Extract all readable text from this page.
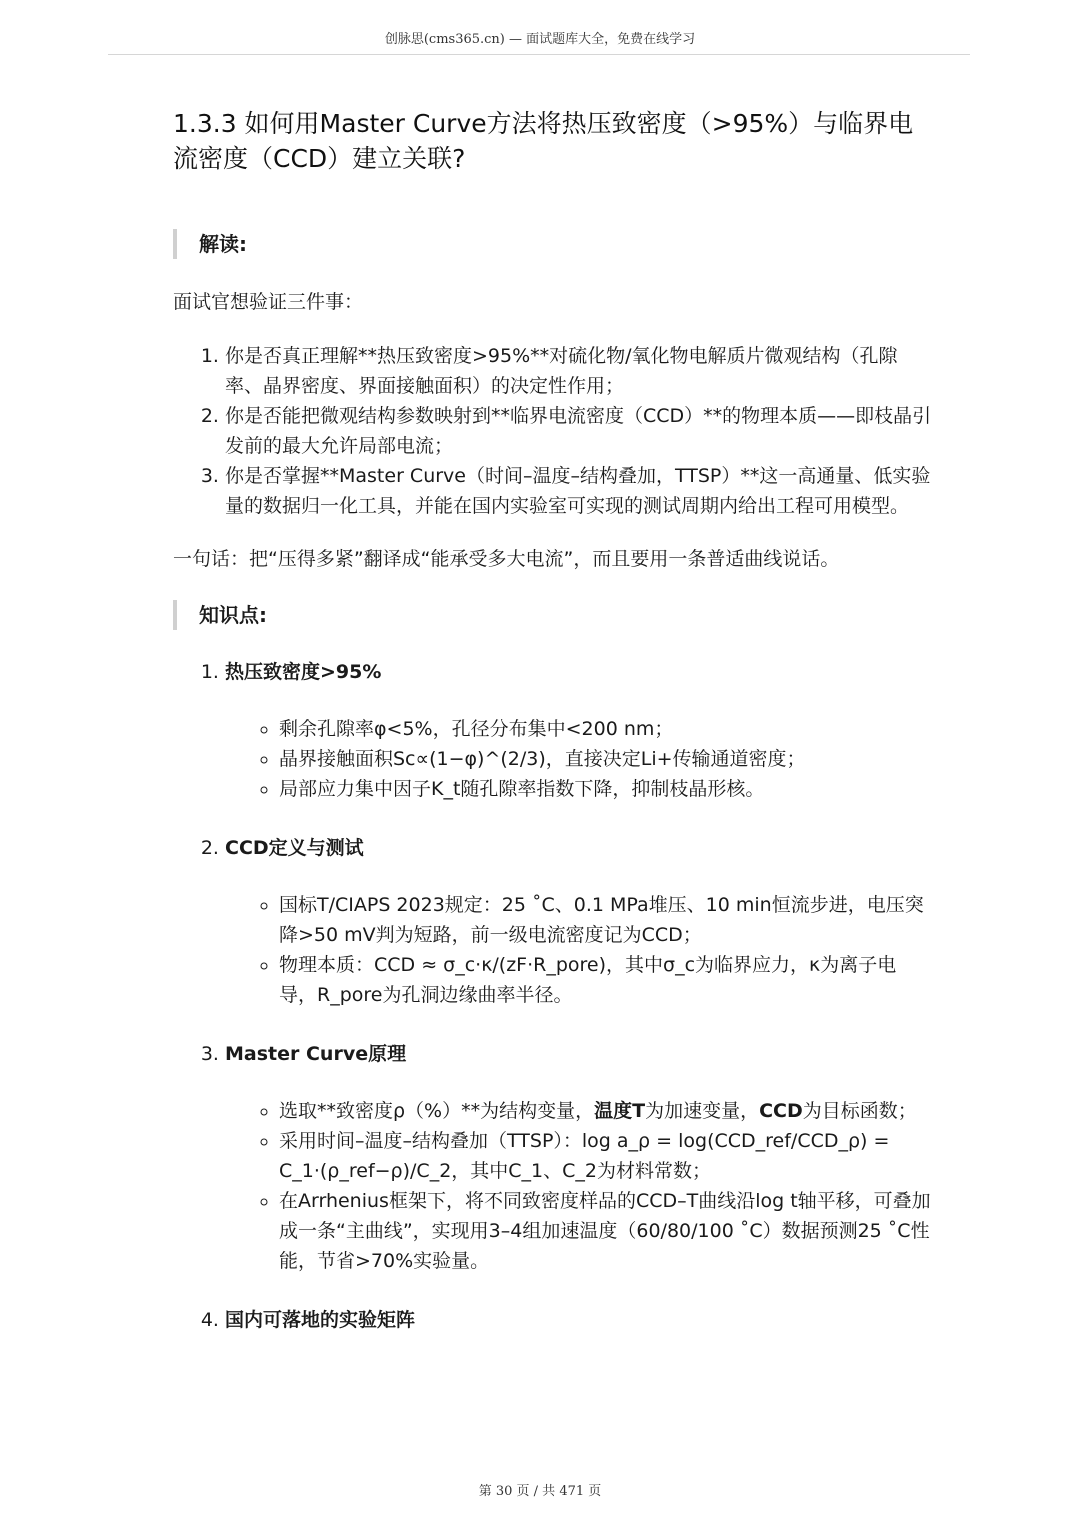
创脉思(cms365.cn) — 面试题库大全，免费在线学习
1.3.3 如何用Master Curve方法将热压致密度（>95%）与临界电流密度（CCD）建立关联?
解读:

面试官想验证三件事：

1. 你是否真正理解**热压致密度>95%**对硫化物/氧化物电解质片微观结构（孔隙率、晶界密度、界面接触面积）的决定性作用；
2. 你是否能把微观结构参数映射到**临界电流密度（CCD）**的物理本质——即枝晶引发前的最大允许局部电流；
3. 你是否掌握**Master Curve（时间–温度–结构叠加，TTSP）**这一高通量、低实验量的数据归一化工具，并能在国内实验室可实现的测试周期内给出工程可用模型。

一句话：把“压得多紧”翻译成“能承受多大电流”，而且要用一条普适曲线说话。

知识点:
1. 热压致密度>95%
◦ 剩余孔隙率φ<5%，孔径分布集中<200 nm；
◦ 晶界接触面积Sc∝(1−φ)^(2/3)，直接决定Li+传输通道密度；
◦ 局部应力集中因子K_t随孔隙率指数下降，抑制枝晶形核。
2. CCD定义与测试
◦ 国标T/CIAPS 2023规定：25 ˚C、0.1 MPa堆压、10 min恒流步进，电压突降>50 mV判为短路，前一级电流密度记为CCD；
◦ 物理本质：CCD ≈ σ_c·κ/(zF·R_pore)，其中σ_c为临界应力，κ为离子电导，R_pore为孔洞边缘曲率半径。
3. Master Curve原理
◦ 选取**致密度ρ（%）**为结构变量，温度T为加速变量，CCD为目标函数；
◦ 采用时间–温度–结构叠加（TTSP）：log a_ρ = log(CCD_ref/CCD_ρ) = C_1·(ρ_ref−ρ)/C_2，其中C_1、C_2为材料常数；
◦ 在Arrhenius框架下，将不同致密度样品的CCD–T曲线沿log t轴平移，可叠加成一条“主曲线”，实现用3–4组加速温度（60/80/100 ˚C）数据预测25 ˚C性能，节省>70%实验量。
4. 国内可落地的实验矩阵
第 30 页 / 共 471 页
